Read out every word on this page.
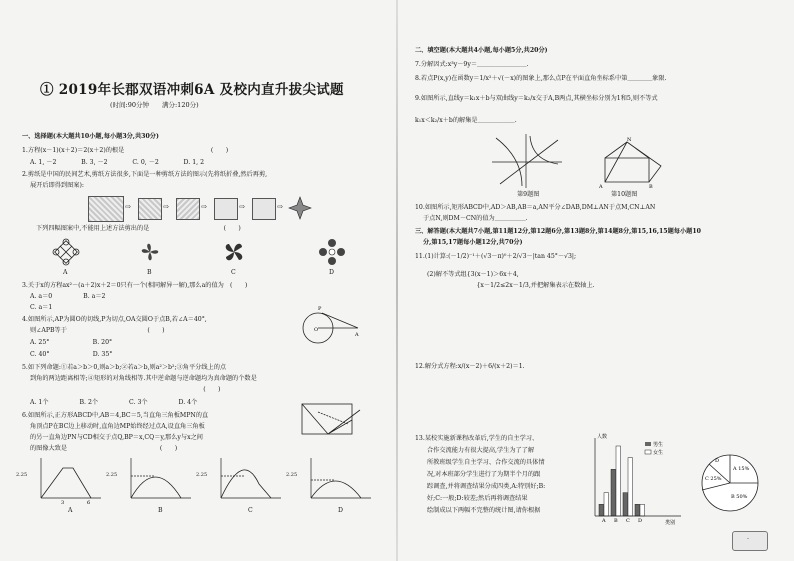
① 2019年长郡双语冲刺6A 及校内直升拔尖试题
(时间:90分钟　　满分:120分)
一、选择题(本大题共10小题,每小题3分,共30分)
1.方程(x－1)(x＋2)＝2(x＋2)的根是　　　　　　　　　　　　　　(　　)
A. 1, －2　　　　B. 3, －2　　　　C. 0, －2　　　　D. 1, 2
2.剪纸是中国的民间艺术,剪纸方法很多,下面是一种剪纸方法的图示(先将纸折叠,然后再剪,
展开后即得到图案):
⇨	⇨	⇨	⇨	⇨
下列四幅图案中,不能用上述方法剪出的是　　　　　　　　　　　　(　　)
A	B	C	D
3.关于x的方程ax²－(a＋2)x＋2＝0只有一个(相同解异一解),那么a的值为　(　　)
A. a＝0　　　　　B. a＝2
C. a＝1
4.如图所示,AP为圆O的切线,P为切点,OA交圆O于点B,若∠A＝40°,
则∠APB等于　　　　　　　　　　　　　(　　)
A. 25°　　　　　　　B. 20°
C. 40°　　　　　　　D. 35°
O
A
P
5.如下列命题:①若a＞b＞0,则a＞b;②若a＞b,则a²＞b²;③角平分线上的点
到角的两边距离相等;④矩形的对角线相等.其中逆命题与逆命题均为真命题的个数是
　　　　　　　　　　　　　　　　　　　　　　　　　　　　(　　)
A. 1个　　　　　B. 2个　　　　　C. 3个　　　　　D. 4个
6.如图所示,正方形ABCD中,AB＝4,BC＝5,当直角三角板MPN的直
角顶点P在BC边上移动时,直角边MP始终经过点A,设直角三角板
的另一直角边PN与CD相交于点Q,BP＝x,CQ＝y,那么y与x之间
的图像大致是　　　　　　　　　　　　　　　(　　)
3	6
2.25	2.25	2.25	2.25
A	B	C	D
二、填空题(本大题共4小题,每小题5分,共20分)
7.分解因式:x³y－9y＝＿＿＿＿＿＿＿＿.
8.若点P(x,y)在函数y＝1/x²＋√(－x)的图象上,那么点P在平面直角坐标系中第＿＿＿＿象限.
9.如图所示,直线y＝k₁x＋b与双曲线y＝k₂/x交于A,B两点,其横坐标分别为1和5,则不等式
k₁x＜k₂/x＋b的解集是＿＿＿＿＿＿.
第9题图
A	B
N
第10题图
10.如图所示,矩形ABCD中,AD＞AB,AB＝a,AN平分∠DAB,DM⊥AN于点M,CN⊥AN
于点N,则DM－CN的值为＿＿＿＿＿.
三、解答题(本大题共7小题,第11题12分,第12题6分,第13题8分,第14题8分,第15,16,15题每小题10
分,第15,17题每小题12分,共70分)
11.(1)计算:(－1/2)⁻¹＋(√3－π)⁰＋2/√3－|tan 45°－√3|;
(2)解不等式组{3(x－1)＞6x＋4,
　　　　　　　　{x－1/2≤2x－1/3,并把解集表示在数轴上.
12.解分式方程:x/(x－2)＋6/(x＋2)＝1.
13.某校实施新课程改革后,学生的自主学习、
合作交流能力有很大提高,学生为了了解
所教班级学生自主学习、合作交流的具体情
况,对本班部分学生进行了为期半个月的跟
踪调查,并将调查结果分成四类,A:特别好;B:
好;C:一般;D:较差;然后再将调查结果
绘制成以下两幅不完整的统计图,请你根据
A B C D
人数
类别
男生
女生
A 15%
B 50%
C 25%
D
·
